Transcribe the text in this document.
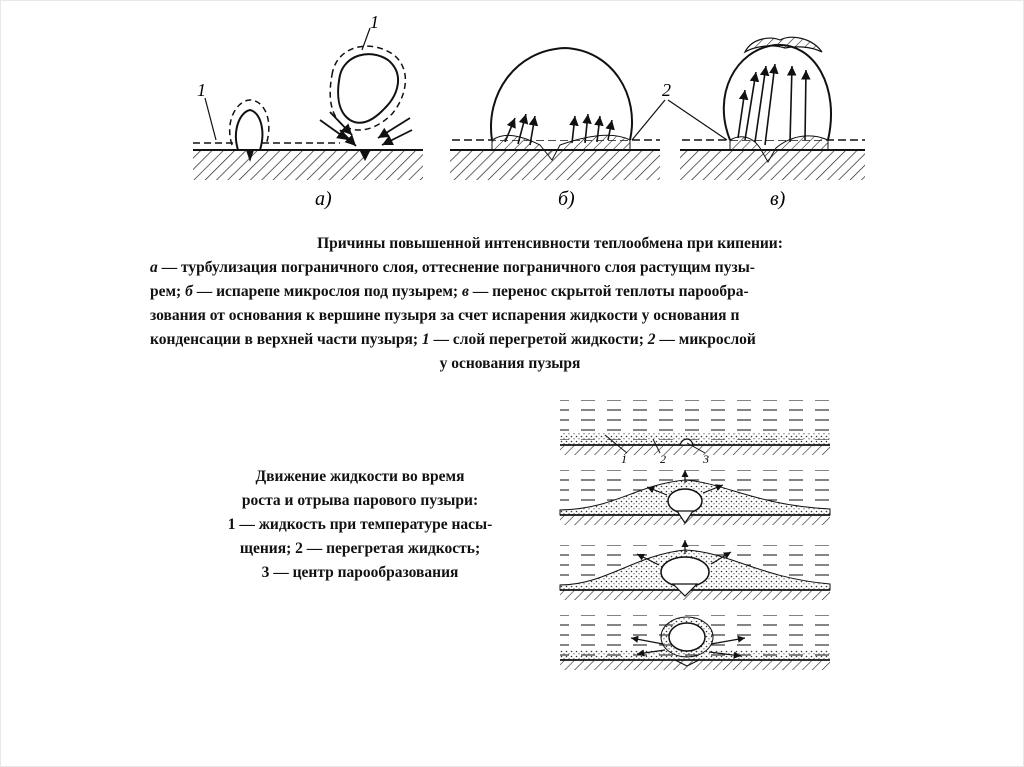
1
1
а)	б)
2
в)
Причины повышенной интенсивности теплообмена при кипении:
а — турбулизация пограничного слоя, оттеснение пограничного слоя растущим пузы-
рем; б — испарепе микрослоя под пузырем; в — перенос скрытой теплоты парообра-
зования от основания к вершине пузыря за счет испарения жидкости у основания п
конденсации в верхней части пузыря; 1 — слой перегретой жидкости; 2 — микрослой
у основания пузыря
Движение жидкости во время
роста и отрыва парового пузыри:
1 — жидкость при температуре насы-
щения; 2 — перегретая жидкость;
3 — центр парообразования
1	2	3
